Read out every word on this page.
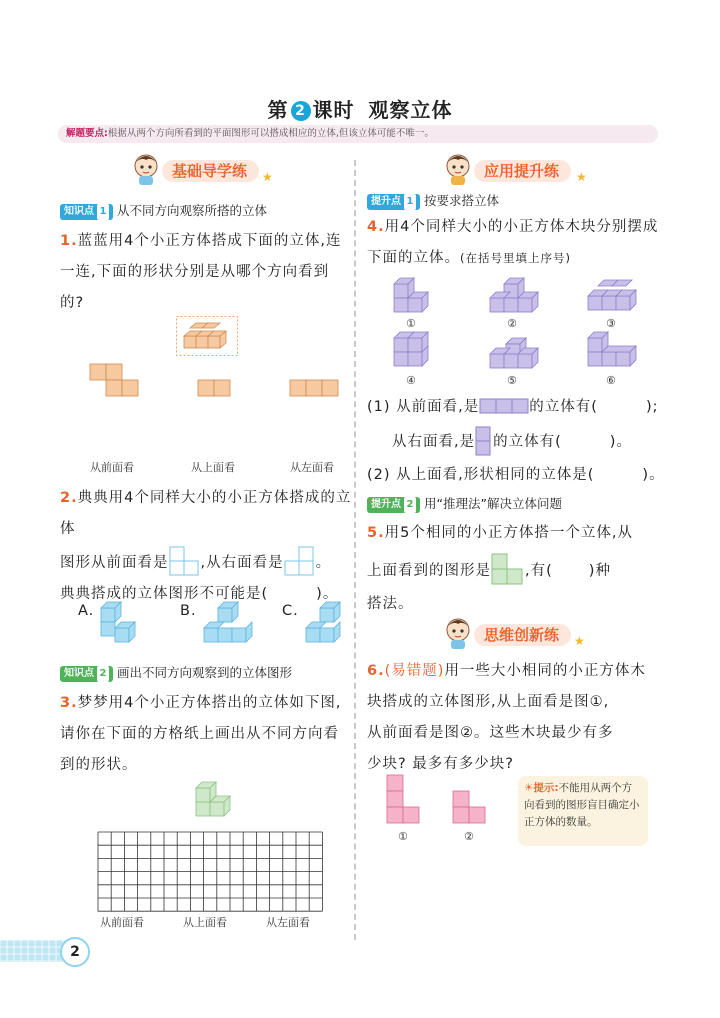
第 2 课时 观察立体
解题要点:根据从两个方向所看到的平面图形可以搭成相应的立体,但该立体可能不唯一。
基础导学练	★
知识点 1 从不同方向观察所搭的立体
1.蓝蓝用4个小正方体搭成下面的立体,连一连,下面的形状分别是从哪个方向看到的?
从前面看	从上面看	从左面看
2.典典用4个同样大小的小正方体搭成的立体
图形从前面看是 ,从右面看是 。
典典搭成的立体图形不可能是(	)。
A.	B.	C.
知识点 2 画出不同方向观察到的立体图形
3.梦梦用4个小正方体搭出的立体如下图,请你在下面的方格纸上画出从不同方向看到的形状。
从前面看	从上面看	从左面看
应用提升练	★
提升点 1 按要求搭立体
4.用4个同样大小的小正方体木块分别摆成下面的立体。(在括号里填上序号)
①	②	③
④	⑤	⑥
(1) 从前面看,是	的立体有(	);
从右面看,是 的立体有(	)。
(2) 从上面看,形状相同的立体是(	)。
提升点 2 用“推理法”解决立体问题
5.用5个相同的小正方体搭一个立体,从
上面看到的图形是 ,有( )种
搭法。
思维创新练	★
6.(易错题)用一些大小相同的小正方体木
块搭成的立体图形,从上面看是图①,
从前面看是图②。这些木块最少有多
少块? 最多有多少块?
①	②
☀提示:不能用从两个方向看到的图形盲目确定小正方体的数量。
2
